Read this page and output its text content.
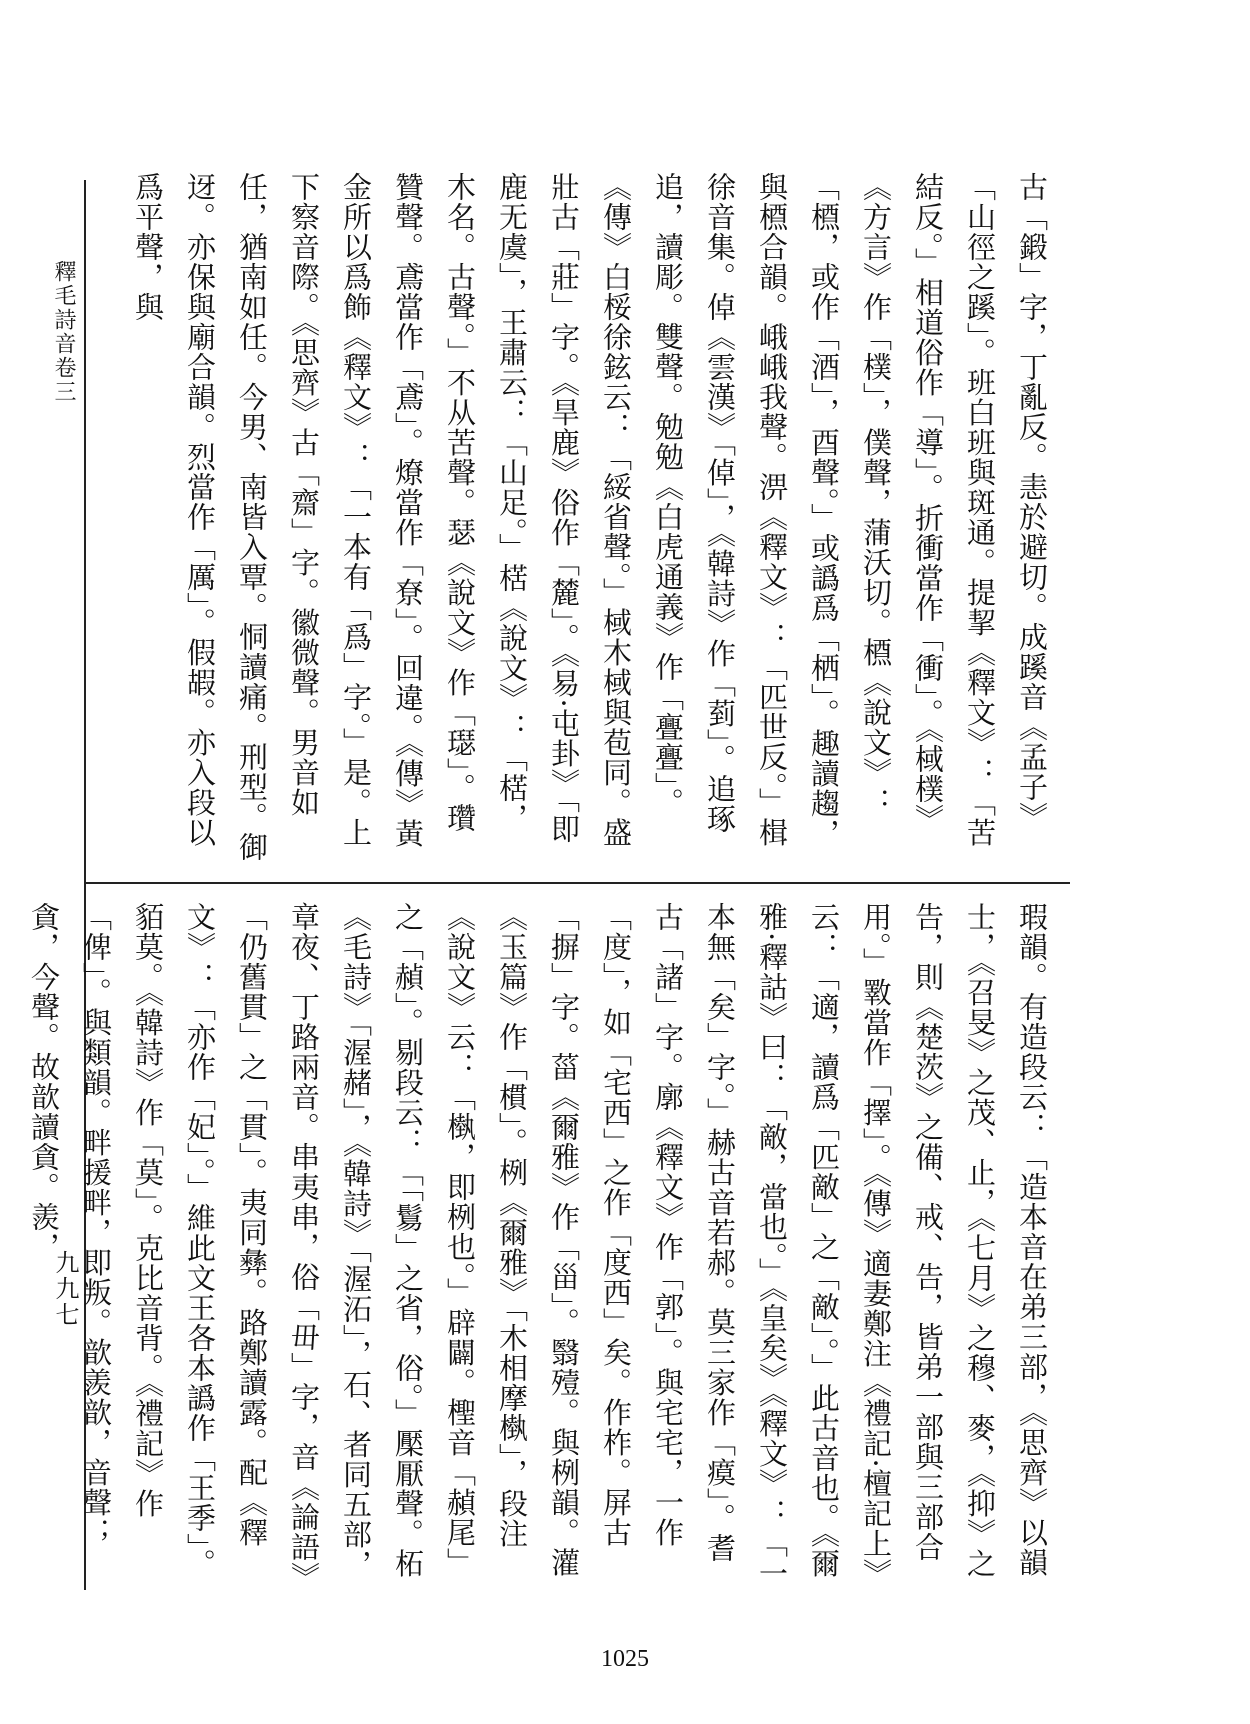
釋毛詩音卷三
九九七
古「鍛」字，丁亂反。恚於避切。成蹊音《孟子》「山徑之蹊」。班白班與斑通。提挈《釋文》：「苦結反。」相道俗作「導」。折衝當作「衝」。《棫樸》《方言》作「樸」，僕聲，蒲沃切。槱《說文》：「槱，或作「酒」，酉聲。」或譌爲「栖」。趣讀趨，與槱合韻。峨峨我聲。淠《釋文》：「匹世反。」楫徐音集。倬《雲漢》「倬」，《韓詩》作「菿」。追琢追，讀彫。雙聲。勉勉《白虎通義》作「亹亹」。《傳》白桵徐鉉云：「綏省聲。」棫木棫與苞同。盛壯古「莊」字。《旱鹿》俗作「麓」。《易·屯卦》「即鹿无虞」，王肅云：「山足。」楛《說文》：「楛，木名。古聲。」不从苦聲。瑟《說文》作「璱」。瓚贊聲。鳶當作「鳶」。燎當作「尞」。回違。《傳》黃金所以爲飾《釋文》：「一本有「爲」字。」是。上下察音際。《思齊》古「齋」字。徽微聲。男音如任，猶南如任。今男、南皆入覃。恫讀痛。刑型。御迓。亦保與廟合韻。烈當作「厲」。假嘏。亦入段以爲平聲，與
瑕韻。有造段云：「造本音在弟三部，《思齊》以韻士，《召旻》之茂、止，《七月》之穆、麥，《抑》之告，則《楚茨》之備、戒、告，皆弟一部與三部合用。」斁當作「擇」。《傳》適妻鄭注《禮記·檀記上》云：「適，讀爲「匹敵」之「敵」。」此古音也。《爾雅·釋詁》曰：「敵，當也。」《皇矣》《釋文》：「一本無「矣」字。」赫古音若郝。莫三家作「瘼」。耆古「諸」字。廓《釋文》作「郭」。與宅宅，一作「度」，如「宅西」之作「度西」矣。作柞。屏古「摒」字。菑《爾雅》作「甾」。翳殪。與栵韻。灌《玉篇》作「樌」。栵《爾雅》「木相摩槸」，段注《說文》云：「槸，即栵也。」辟闢。檉音「赬尾」之「赬」。剔段云：「「鬄」之省，俗。」檿厭聲。柘《毛詩》「渥赭」，《韓詩》「渥沰」，石、者同五部，章夜、丁路兩音。串夷串，俗「毌」字，音《論語》「仍舊貫」之「貫」。夷同彝。路鄭讀露。配《釋文》：「亦作「妃」。」維此文王各本譌作「王季」。貊莫。《韓詩》作「莫」。克比音背。《禮記》作「俾」。與類韻。畔援畔，即叛。歆羨歆，音聲；貪，今聲。故歆讀貪。羨，
1025
